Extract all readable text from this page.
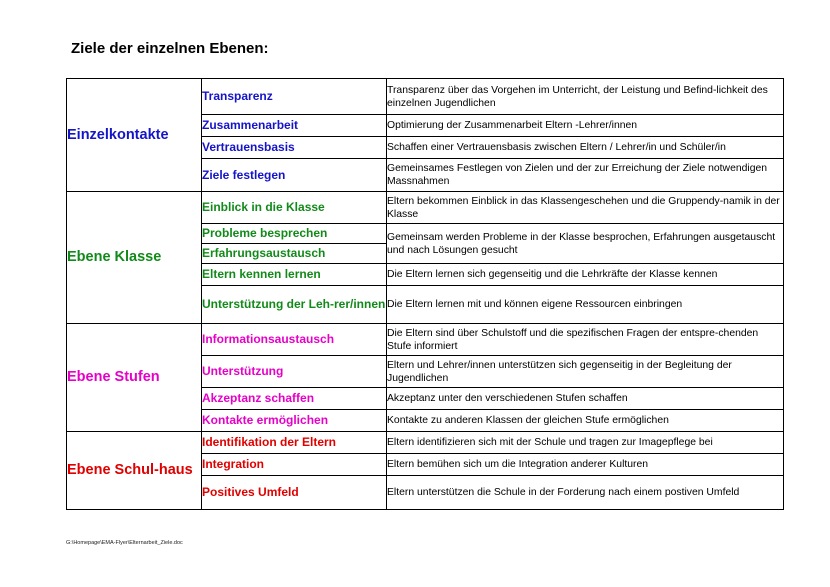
Ziele der einzelnen Ebenen:
Einzelkontakte	Transparenz	Transparenz über das Vorgehen im Unterricht, der Leistung und Befind-lichkeit des einzelnen Jugendlichen
	Zusammenarbeit	Optimierung der Zusammenarbeit Eltern -Lehrer/innen
	Vertrauensbasis	Schaffen einer Vertrauensbasis zwischen Eltern / Lehrer/in und Schüler/in
	Ziele festlegen	Gemeinsames Festlegen von Zielen und der zur Erreichung der Ziele notwendigen Massnahmen
Ebene Klasse	Einblick in die Klasse	Eltern bekommen Einblick in das Klassengeschehen und die Gruppendy-namik in der Klasse
	Probleme besprechen	Gemeinsam werden Probleme in der Klasse besprochen, Erfahrungen ausgetauscht und nach Lösungen gesucht
	Erfahrungsaustausch	
	Eltern kennen lernen	Die Eltern lernen sich gegenseitig und die Lehrkräfte der Klasse kennen
	Unterstützung der Leh-rer/innen	Die Eltern lernen mit und können eigene Ressourcen einbringen
Ebene Stufen	Informationsaustausch	Die Eltern sind über Schulstoff und die spezifischen Fragen der entspre-chenden Stufe informiert
	Unterstützung	Eltern und Lehrer/innen unterstützen sich gegenseitig in der Begleitung der Jugendlichen
	Akzeptanz schaffen	Akzeptanz unter den verschiedenen Stufen schaffen
	Kontakte ermöglichen	Kontakte zu anderen Klassen der gleichen Stufe ermöglichen
Ebene Schul-haus	Identifikation der Eltern	Eltern identifizieren sich mit der Schule und tragen zur Imagepflege bei
	Integration	Eltern bemühen sich um die Integration anderer Kulturen
	Positives Umfeld	Eltern unterstützen die Schule in der Forderung nach einem postiven Umfeld
G:\Homepage\EMA-Flyer\Elternarbeit_Ziele.doc
